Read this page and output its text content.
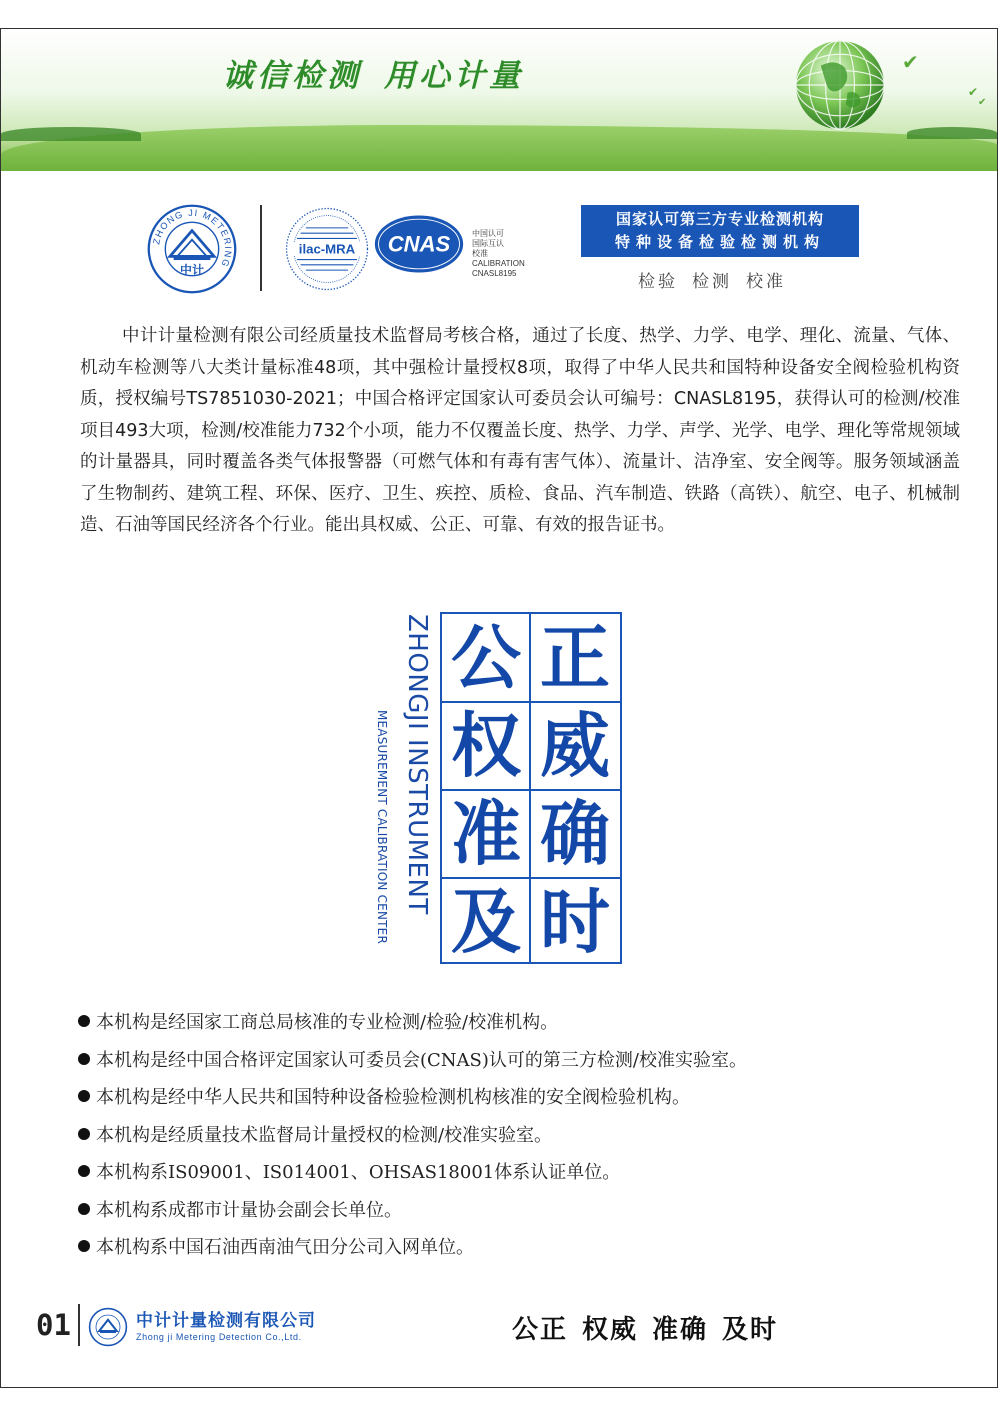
诚信检测 用心计量	✔
✔
✔
ZHONG JI METERING
中计
ilac-MRA CNAS	中国认可
国际互认
校准
CALIBRATION
CNASL8195
国家认可第三方专业检测机构
特种设备检验检测机构
检验 检测 校准

中计计量检测有限公司经质量技术监督局考核合格，通过了长度、热学、力学、电学、理化、流量、气体、机动车检测等八大类计量标准48项，其中强检计量授权8项，取得了中华人民共和国特种设备安全阀检验机构资质，授权编号TS7851030-2021；中国合格评定国家认可委员会认可编号：CNASL8195，获得认可的检测/校准项目493大项，检测/校准能力732个小项，能力不仅覆盖长度、热学、力学、声学、光学、电学、理化等常规领域的计量器具，同时覆盖各类气体报警器（可燃气体和有毒有害气体）、流量计、洁净室、安全阀等。服务领域涵盖了生物制药、建筑工程、环保、医疗、卫生、疾控、质检、食品、汽车制造、铁路（高铁）、航空、电子、机械制造、石油等国民经济各个行业。能出具权威、公正、可靠、有效的报告证书。

ZHONGJI INSTRUMENT
MEASUREMENT CALIBRATION CENTER
公 正
权 威
准 确
及 时
本机构是经国家工商总局核准的专业检测/检验/校准机构。
本机构是经中国合格评定国家认可委员会(CNAS)认可的第三方检测/校准实验室。
本机构是经中华人民共和国特种设备检验检测机构核准的安全阀检验机构。
本机构是经质量技术监督局计量授权的检测/校准实验室。
本机构系IS09001、IS014001、OHSAS18001体系认证单位。
本机构系成都市计量协会副会长单位。
本机构系中国石油西南油气田分公司入网单位。
01	中计计量检测有限公司
Zhong ji Metering Detection Co.,Ltd.	公正 权威 准确 及时
